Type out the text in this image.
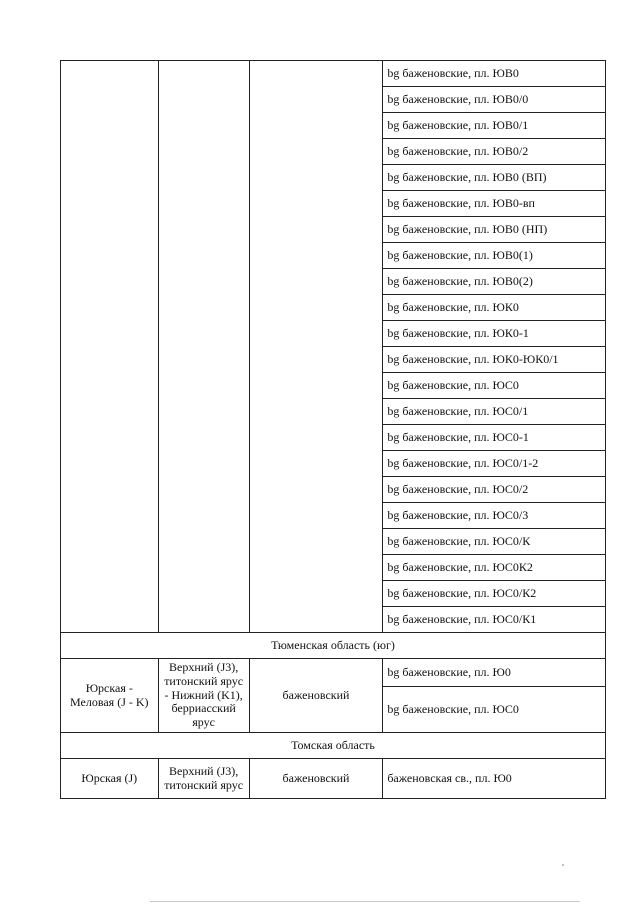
			bg баженовские, пл. ЮВ0
			bg баженовские, пл. ЮВ0/0
			bg баженовские, пл. ЮВ0/1
			bg баженовские, пл. ЮВ0/2
			bg баженовские, пл. ЮВ0 (ВП)
			bg баженовские, пл. ЮВ0-вп
			bg баженовские, пл. ЮВ0 (НП)
			bg баженовские, пл. ЮВ0(1)
			bg баженовские, пл. ЮВ0(2)
			bg баженовские, пл. ЮК0
			bg баженовские, пл. ЮК0-1
			bg баженовские, пл. ЮК0-ЮК0/1
			bg баженовские, пл. ЮС0
			bg баженовские, пл. ЮС0/1
			bg баженовские, пл. ЮС0-1
			bg баженовские, пл. ЮС0/1-2
			bg баженовские, пл. ЮС0/2
			bg баженовские, пл. ЮС0/3
			bg баженовские, пл. ЮС0/К
			bg баженовские, пл. ЮС0К2
			bg баженовские, пл. ЮС0/К2
			bg баженовские, пл. ЮС0/К1
Тюменская область (юг)			
Юрская - Меловая (J - K)	Верхний (J3), титонский ярус - Нижний (K1), берриасский ярус	баженовский	bg баженовские, пл. Ю0
			bg баженовские, пл. ЮС0
Томская область			
Юрская (J)	Верхний (J3), титонский ярус	баженовский	баженовская св., пл. Ю0
